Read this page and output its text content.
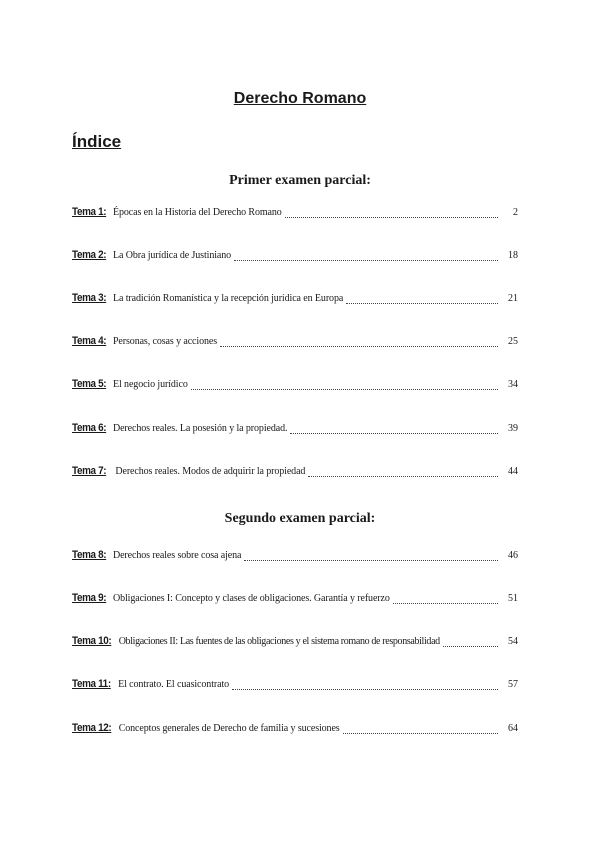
Derecho Romano
Índice
Primer examen parcial:
Segundo examen parcial:
Tema 1: Épocas en la Historia del Derecho Romano	2
Tema 2: La Obra jurídica de Justiniano	18
Tema 3: La tradición Romanística y la recepción jurídica en Europa	21
Tema 4: Personas, cosas y acciones	25
Tema 5: El negocio jurídico	34
Tema 6: Derechos reales. La posesión y la propiedad.	39
Tema 7: Derechos reales. Modos de adquirir la propiedad	44
Tema 8: Derechos reales sobre cosa ajena	46
Tema 9: Obligaciones I: Concepto y clases de obligaciones. Garantía y refuerzo	51
Tema 10: Obligaciones II: Las fuentes de las obligaciones y el sistema romano de responsabilidad	54
Tema 11: El contrato. El cuasicontrato	57
Tema 12: Conceptos generales de Derecho de familia y sucesiones	64
